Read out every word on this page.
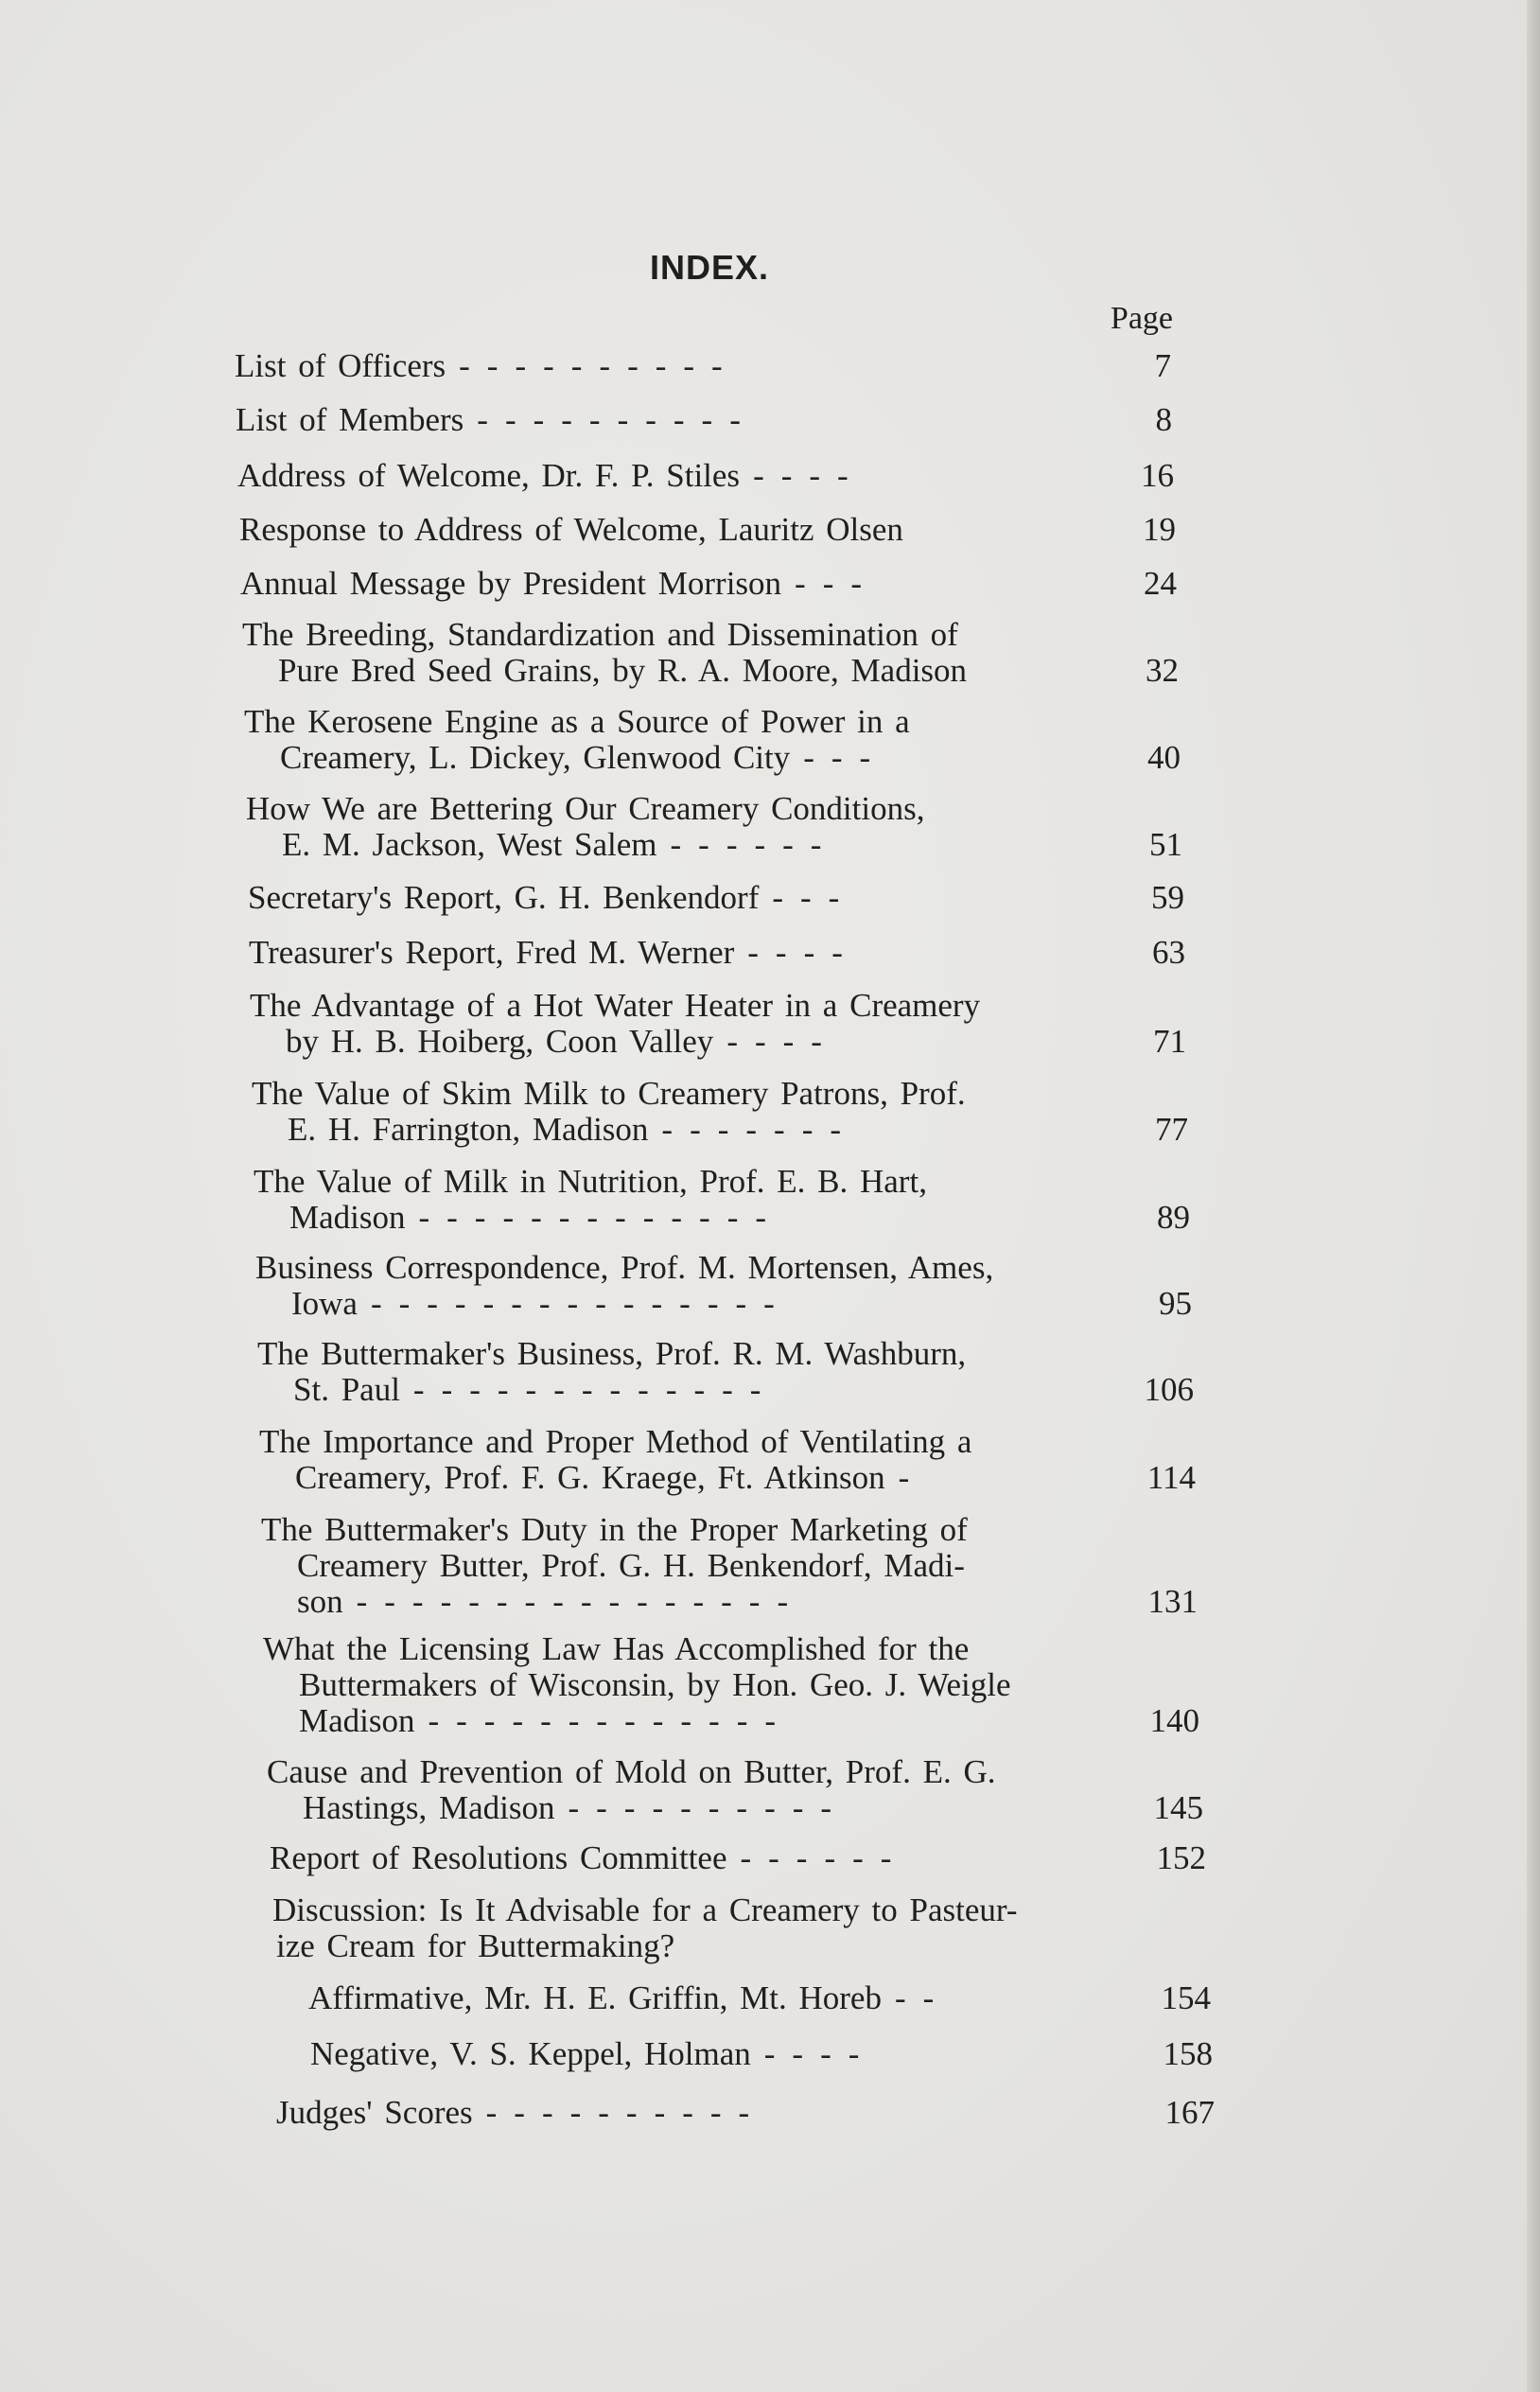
INDEX.
Page
List of Officers ----------	7
List of Members ----------	8
Address of Welcome, Dr. F. P. Stiles ----	16
Response to Address of Welcome, Lauritz Olsen	19
Annual Message by President Morrison ---	24
The Breeding, Standardization and Dissemination of
Pure Bred Seed Grains, by R. A. Moore, Madison	32
The Kerosene Engine as a Source of Power in a
Creamery, L. Dickey, Glenwood City ---	40
How We are Bettering Our Creamery Conditions,
E. M. Jackson, West Salem ------	51
Secretary's Report, G. H. Benkendorf ---	59
Treasurer's Report, Fred M. Werner ----	63
The Advantage of a Hot Water Heater in a Creamery
by H. B. Hoiberg, Coon Valley ----	71
The Value of Skim Milk to Creamery Patrons, Prof.
E. H. Farrington, Madison -------	77
The Value of Milk in Nutrition, Prof. E. B. Hart,
Madison -------------	89
Business Correspondence, Prof. M. Mortensen, Ames,
Iowa ---------------	95
The Buttermaker's Business, Prof. R. M. Washburn,
St. Paul -------------	106
The Importance and Proper Method of Ventilating a
Creamery, Prof. F. G. Kraege, Ft. Atkinson -	114
The Buttermaker's Duty in the Proper Marketing of
Creamery Butter, Prof. G. H. Benkendorf, Madi-
son ----------------	131
What the Licensing Law Has Accomplished for the
Buttermakers of Wisconsin, by Hon. Geo. J. Weigle
Madison -------------	140
Cause and Prevention of Mold on Butter, Prof. E. G.
Hastings, Madison ----------	145
Report of Resolutions Committee ------	152
Discussion: Is It Advisable for a Creamery to Pasteur-
ize Cream for Buttermaking?
Affirmative, Mr. H. E. Griffin, Mt. Horeb --	154
Negative, V. S. Keppel, Holman ----	158
Judges' Scores ----------	167
